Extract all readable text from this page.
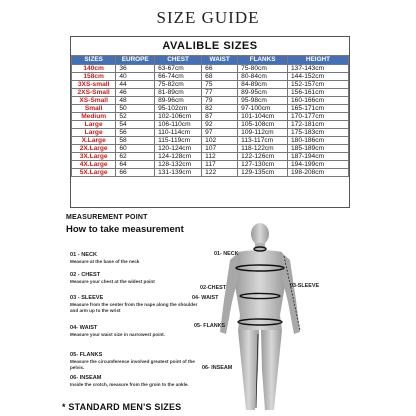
SIZE GUIDE
AVALIBLE SIZES
SIZES	EUROPE	CHEST	WAIST	FLANKS	HEIGHT
140cm	36	63-67cm	66	75-80cm	137-143cm
158cm	40	66-74cm	68	80-84cm	144-152cm
3XS-small	44	75-82cm	75	84-89cm	152-157cm
2XS-Small	46	81-89cm	77	89-95cm	156-161cm
XS-Small	48	89-96cm	79	95-98cm	160-166cm
Small	50	95-102cm	82	97-100cm	165-171cm
Medium	52	102-106cm	87	101-104cm	170-177cm
Large	54	106-110cm	92	105-108cm	172-181cm
Large	56	110-114cm	97	109-112cm	175-183cm
X.Large	58	115-119cm	102	113-117cm	180-186cm
2X.Large	60	120-124cm	107	118-122cm	185-189cm
3X.Large	62	124-128cm	112	122-126cm	187-194cm
4X.Large	64	128-132cm	117	127-130cm	194-199cm
5X.Large	66	131-139cm	122	129-135cm	198-208cm
MEASUREMENT POINT
How to take measurement
01 - NECK
Measure at the base of the neck
02 - CHEST
Measure your chest at the widest point
03 - SLEEVE
Measure from the center from the nape along the shoulder and arm up to the wrist
04- WAIST
Measure your waist size in narrowest point.
05- FLANKS
Measure the circumference involved greatest point of the pelvis.
06- INSEAM
Inside the crotch, measure from the groin to the ankle.
01- NECK
02-CHEST	03-SLEEVE
04- WAIST
05- FLANKS
06- INSEAM
* STANDARD MEN'S SIZES
